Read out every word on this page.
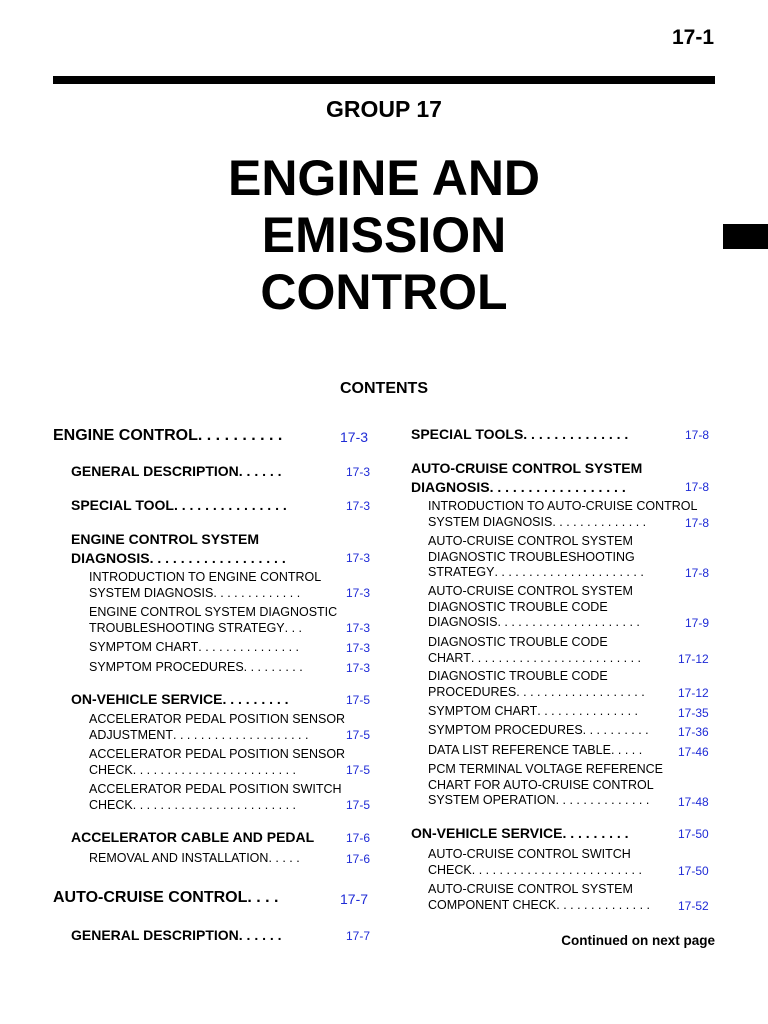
17-1
GROUP 17
ENGINE AND
EMISSION
CONTROL
CONTENTS
ENGINE CONTROL. . . . . . . . . .	17-3
GENERAL DESCRIPTION. . . . . .	17-3
SPECIAL TOOL. . . . . . . . . . . . . . .	17-3
ENGINE CONTROL SYSTEM
DIAGNOSIS. . . . . . . . . . . . . . . . . .	17-3
INTRODUCTION TO ENGINE CONTROL
SYSTEM DIAGNOSIS. . . . . . . . . . . . .	17-3
ENGINE CONTROL SYSTEM DIAGNOSTIC
TROUBLESHOOTING STRATEGY. . .	17-3
SYMPTOM CHART. . . . . . . . . . . . . . .	17-3
SYMPTOM PROCEDURES. . . . . . . . .	17-3
ON-VEHICLE SERVICE. . . . . . . . .	17-5
ACCELERATOR PEDAL POSITION SENSOR
ADJUSTMENT. . . . . . . . . . . . . . . . . . . .	17-5
ACCELERATOR PEDAL POSITION SENSOR
CHECK. . . . . . . . . . . . . . . . . . . . . . . .	17-5
ACCELERATOR PEDAL POSITION SWITCH
CHECK. . . . . . . . . . . . . . . . . . . . . . . .	17-5
ACCELERATOR CABLE AND PEDAL	17-6
REMOVAL AND INSTALLATION. . . . .	17-6
AUTO-CRUISE CONTROL. . . .	17-7
GENERAL DESCRIPTION. . . . . .	17-7
SPECIAL TOOLS. . . . . . . . . . . . . .	17-8
AUTO-CRUISE CONTROL SYSTEM
DIAGNOSIS. . . . . . . . . . . . . . . . . .	17-8
INTRODUCTION TO AUTO-CRUISE CONTROL
SYSTEM DIAGNOSIS. . . . . . . . . . . . . .	17-8
AUTO-CRUISE CONTROL SYSTEM
DIAGNOSTIC TROUBLESHOOTING
STRATEGY. . . . . . . . . . . . . . . . . . . . . .	17-8
AUTO-CRUISE CONTROL SYSTEM
DIAGNOSTIC TROUBLE CODE
DIAGNOSIS. . . . . . . . . . . . . . . . . . . . .	17-9
DIAGNOSTIC TROUBLE CODE
CHART. . . . . . . . . . . . . . . . . . . . . . . . .	17-12
DIAGNOSTIC TROUBLE CODE
PROCEDURES. . . . . . . . . . . . . . . . . . .	17-12
SYMPTOM CHART. . . . . . . . . . . . . . .	17-35
SYMPTOM PROCEDURES. . . . . . . . . . 17-36
DATA LIST REFERENCE TABLE. . . . .	17-46
PCM TERMINAL VOLTAGE REFERENCE
CHART FOR AUTO-CRUISE CONTROL
SYSTEM OPERATION. . . . . . . . . . . . . .	17-48
ON-VEHICLE SERVICE. . . . . . . . .	17-50
AUTO-CRUISE CONTROL SWITCH
CHECK. . . . . . . . . . . . . . . . . . . . . . . . .	17-50
AUTO-CRUISE CONTROL SYSTEM
COMPONENT CHECK. . . . . . . . . . . . . . 17-52
Continued on next page
